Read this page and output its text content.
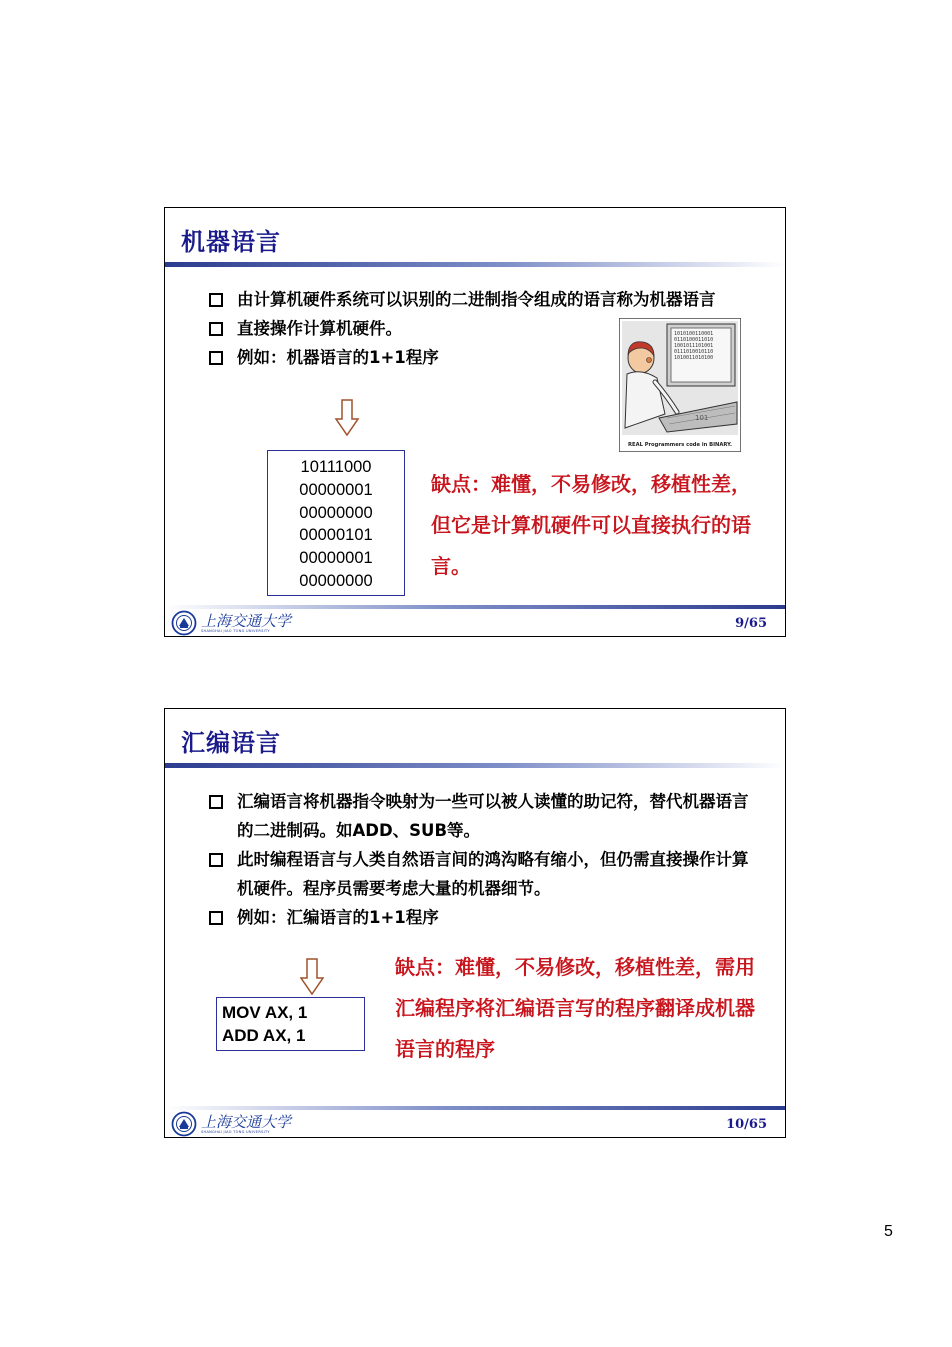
机器语言
由计算机硬件系统可以识别的二进制指令组成的语言称为机器语言
直接操作计算机硬件。
例如：机器语言的1+1程序
1010100110001
0110100011010
1001011101001
0111010010110
1010011010100
101
REAL Programmers code in BINARY.
10111000
00000001
00000000
00000101
00000001
00000000
缺点：难懂，不易修改，移植性差，但它是计算机硬件可以直接执行的语言。
上海交通大学
SHANGHAI JIAO TONG UNIVERSITY	9/65
汇编语言
汇编语言将机器指令映射为一些可以被人读懂的助记符，替代机器语言的二进制码。如ADD、SUB等。
此时编程语言与人类自然语言间的鸿沟略有缩小，但仍需直接操作计算机硬件。程序员需要考虑大量的机器细节。
例如：汇编语言的1+1程序
MOV AX, 1
ADD AX, 1
缺点：难懂，不易修改，移植性差，需用汇编程序将汇编语言写的程序翻译成机器语言的程序
上海交通大学
SHANGHAI JIAO TONG UNIVERSITY	10/65
5
